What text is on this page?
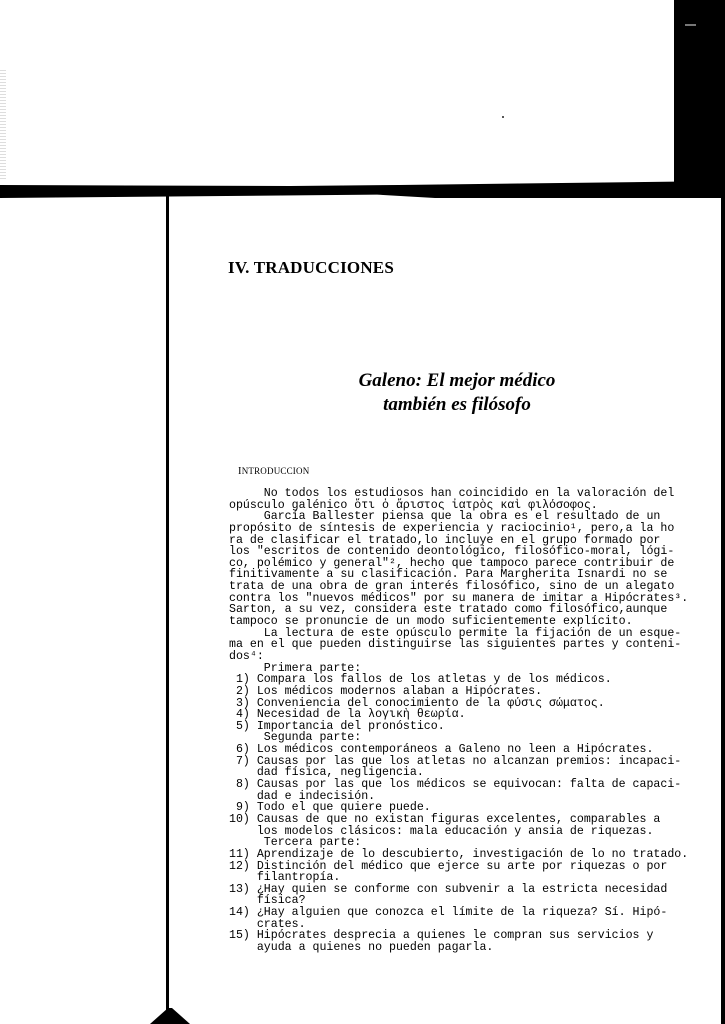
IV. TRADUCCIONES
Galeno: El mejor médico
también es filósofo
INTRODUCCION
No todos los estudiosos han coincidido en la valoración del
opúsculo galénico ὅτι ὁ ἄριστος ἰατρὸς καὶ φιλόσοφος.
García Ballester piensa que la obra es el resultado de un
propósito de síntesis de experiencia y raciocinio¹, pero,a la ho
ra de clasificar el tratado,lo incluye en el grupo formado por
los "escritos de contenido deontológico, filosófico-moral, lógi-
co, polémico y general"², hecho que tampoco parece contribuir de
finitivamente a su clasificación. Para Margherita Isnardi no se
trata de una obra de gran interés filosófico, sino de un alegato
contra los "nuevos médicos" por su manera de imitar a Hipócrates³.
Sarton, a su vez, considera este tratado como filosófico,aunque
tampoco se pronuncie de un modo suficientemente explícito.
La lectura de este opúsculo permite la fijación de un esque-
ma en el que pueden distinguirse las siguientes partes y conteni-
dos⁴:
Primera parte:
1) Compara los fallos de los atletas y de los médicos.
2) Los médicos modernos alaban a Hipócrates.
3) Conveniencia del conocimiento de la φύσις σώματος.
4) Necesidad de la λογικὴ θεωρία.
5) Importancia del pronóstico.
Segunda parte:
6) Los médicos contemporáneos a Galeno no leen a Hipócrates.
7) Causas por las que los atletas no alcanzan premios: incapaci-
dad física, negligencia.
8) Causas por las que los médicos se equivocan: falta de capaci-
dad e indecisión.
9) Todo el que quiere puede.
10) Causas de que no existan figuras excelentes, comparables a
los modelos clásicos: mala educación y ansia de riquezas.
Tercera parte:
11) Aprendizaje de lo descubierto, investigación de lo no tratado.
12) Distinción del médico que ejerce su arte por riquezas o por
filantropía.
13) ¿Hay quien se conforme con subvenir a la estricta necesidad
física?
14) ¿Hay alguien que conozca el límite de la riqueza? Sí. Hipó-
crates.
15) Hipócrates desprecia a quienes le compran sus servicios y
ayuda a quienes no pueden pagarla.
